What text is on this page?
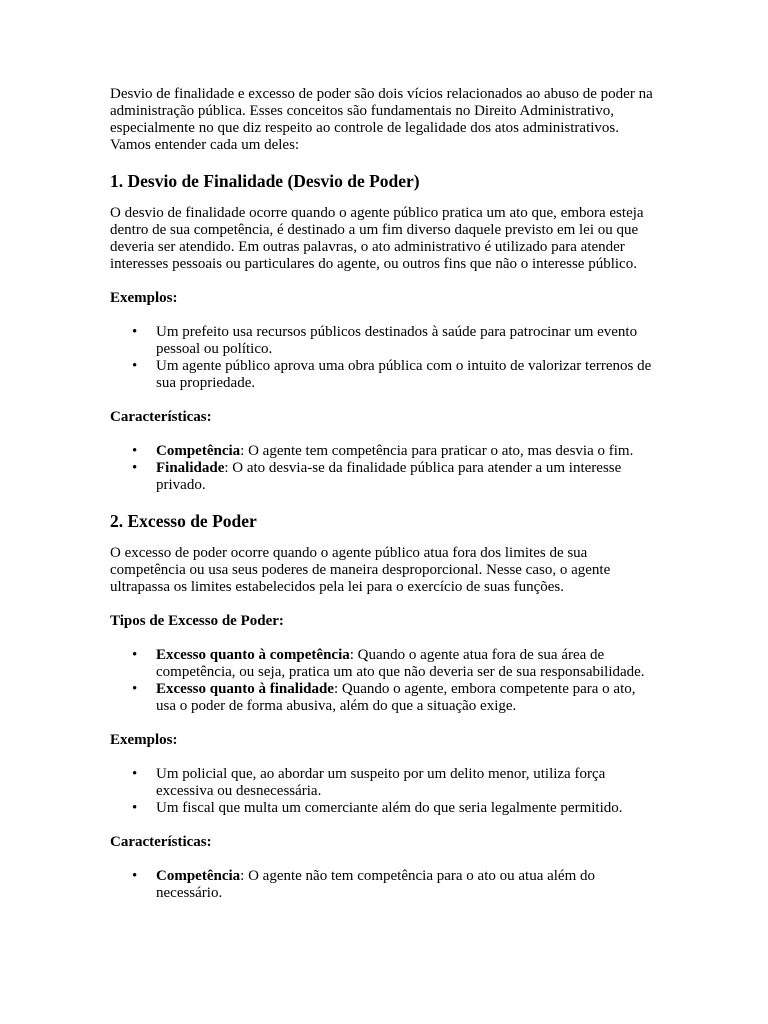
Desvio de finalidade e excesso de poder são dois vícios relacionados ao abuso de poder na administração pública. Esses conceitos são fundamentais no Direito Administrativo, especialmente no que diz respeito ao controle de legalidade dos atos administrativos. Vamos entender cada um deles:

1. Desvio de Finalidade (Desvio de Poder)

O desvio de finalidade ocorre quando o agente público pratica um ato que, embora esteja dentro de sua competência, é destinado a um fim diverso daquele previsto em lei ou que deveria ser atendido. Em outras palavras, o ato administrativo é utilizado para atender interesses pessoais ou particulares do agente, ou outros fins que não o interesse público.

Exemplos:

• Um prefeito usa recursos públicos destinados à saúde para patrocinar um evento pessoal ou político.
• Um agente público aprova uma obra pública com o intuito de valorizar terrenos de sua propriedade.

Características:

• Competência: O agente tem competência para praticar o ato, mas desvia o fim.
• Finalidade: O ato desvia-se da finalidade pública para atender a um interesse privado.
2. Excesso de Poder

O excesso de poder ocorre quando o agente público atua fora dos limites de sua competência ou usa seus poderes de maneira desproporcional. Nesse caso, o agente ultrapassa os limites estabelecidos pela lei para o exercício de suas funções.

Tipos de Excesso de Poder:

• Excesso quanto à competência: Quando o agente atua fora de sua área de competência, ou seja, pratica um ato que não deveria ser de sua responsabilidade.
• Excesso quanto à finalidade: Quando o agente, embora competente para o ato, usa o poder de forma abusiva, além do que a situação exige.

Exemplos:

• Um policial que, ao abordar um suspeito por um delito menor, utiliza força excessiva ou desnecessária.
• Um fiscal que multa um comerciante além do que seria legalmente permitido.

Características:

• Competência: O agente não tem competência para o ato ou atua além do necessário.
